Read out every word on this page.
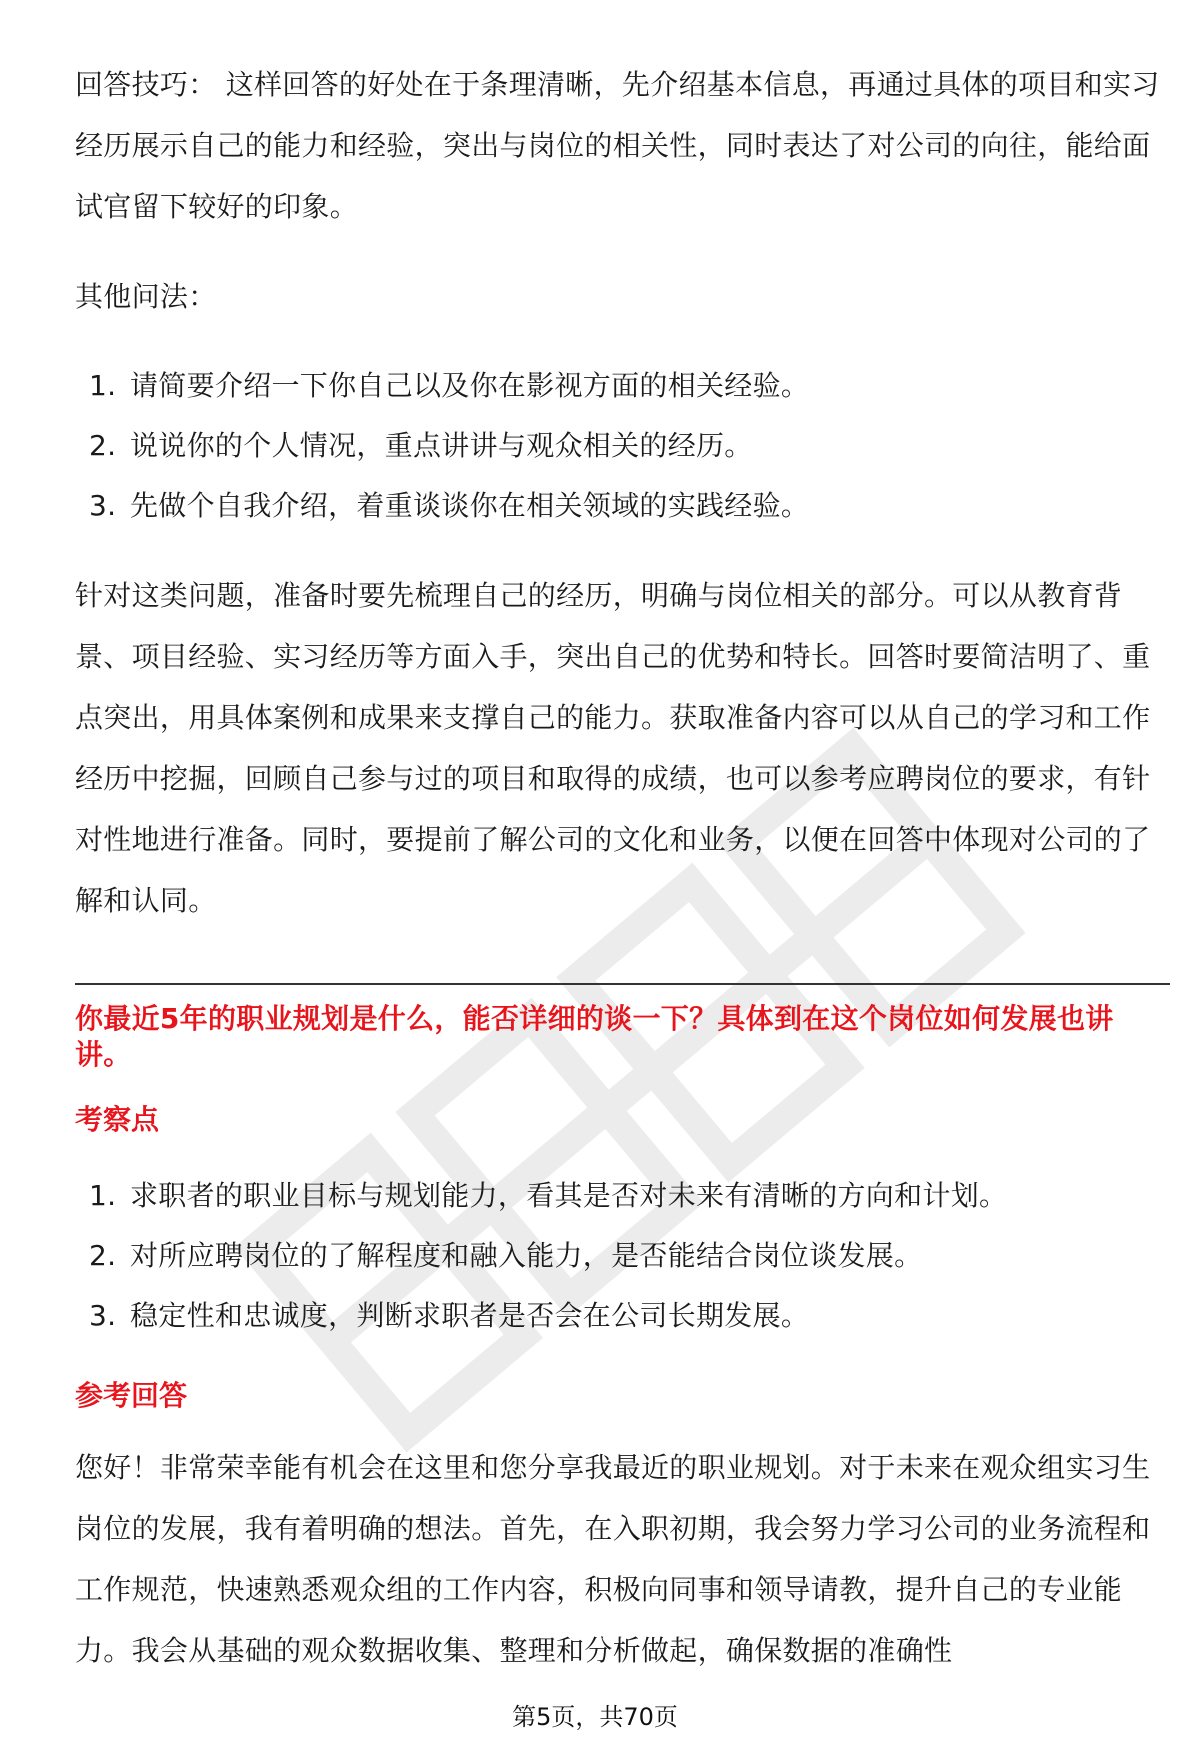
回答技巧： 这样回答的好处在于条理清晰，先介绍基本信息，再通过具体的项目和实习经历展示自己的能力和经验，突出与岗位的相关性，同时表达了对公司的向往，能给面试官留下较好的印象。

其他问法：

1. 请简要介绍一下你自己以及你在影视方面的相关经验。
2. 说说你的个人情况，重点讲讲与观众相关的经历。
3. 先做个自我介绍，着重谈谈你在相关领域的实践经验。

针对这类问题，准备时要先梳理自己的经历，明确与岗位相关的部分。可以从教育背景、项目经验、实习经历等方面入手，突出自己的优势和特长。回答时要简洁明了、重点突出，用具体案例和成果来支撑自己的能力。获取准备内容可以从自己的学习和工作经历中挖掘，回顾自己参与过的项目和取得的成绩，也可以参考应聘岗位的要求，有针对性地进行准备。同时，要提前了解公司的文化和业务，以便在回答中体现对公司的了解和认同。

你最近5年的职业规划是什么，能否详细的谈一下？具体到在这个岗位如何发展也讲讲。

考察点

1. 求职者的职业目标与规划能力，看其是否对未来有清晰的方向和计划。
2. 对所应聘岗位的了解程度和融入能力，是否能结合岗位谈发展。
3. 稳定性和忠诚度，判断求职者是否会在公司长期发展。

参考回答

您好！非常荣幸能有机会在这里和您分享我最近的职业规划。对于未来在观众组实习生岗位的发展，我有着明确的想法。首先，在入职初期，我会努力学习公司的业务流程和工作规范，快速熟悉观众组的工作内容，积极向同事和领导请教，提升自己的专业能力。我会从基础的观众数据收集、整理和分析做起，确保数据的准确性

第5页，共70页
